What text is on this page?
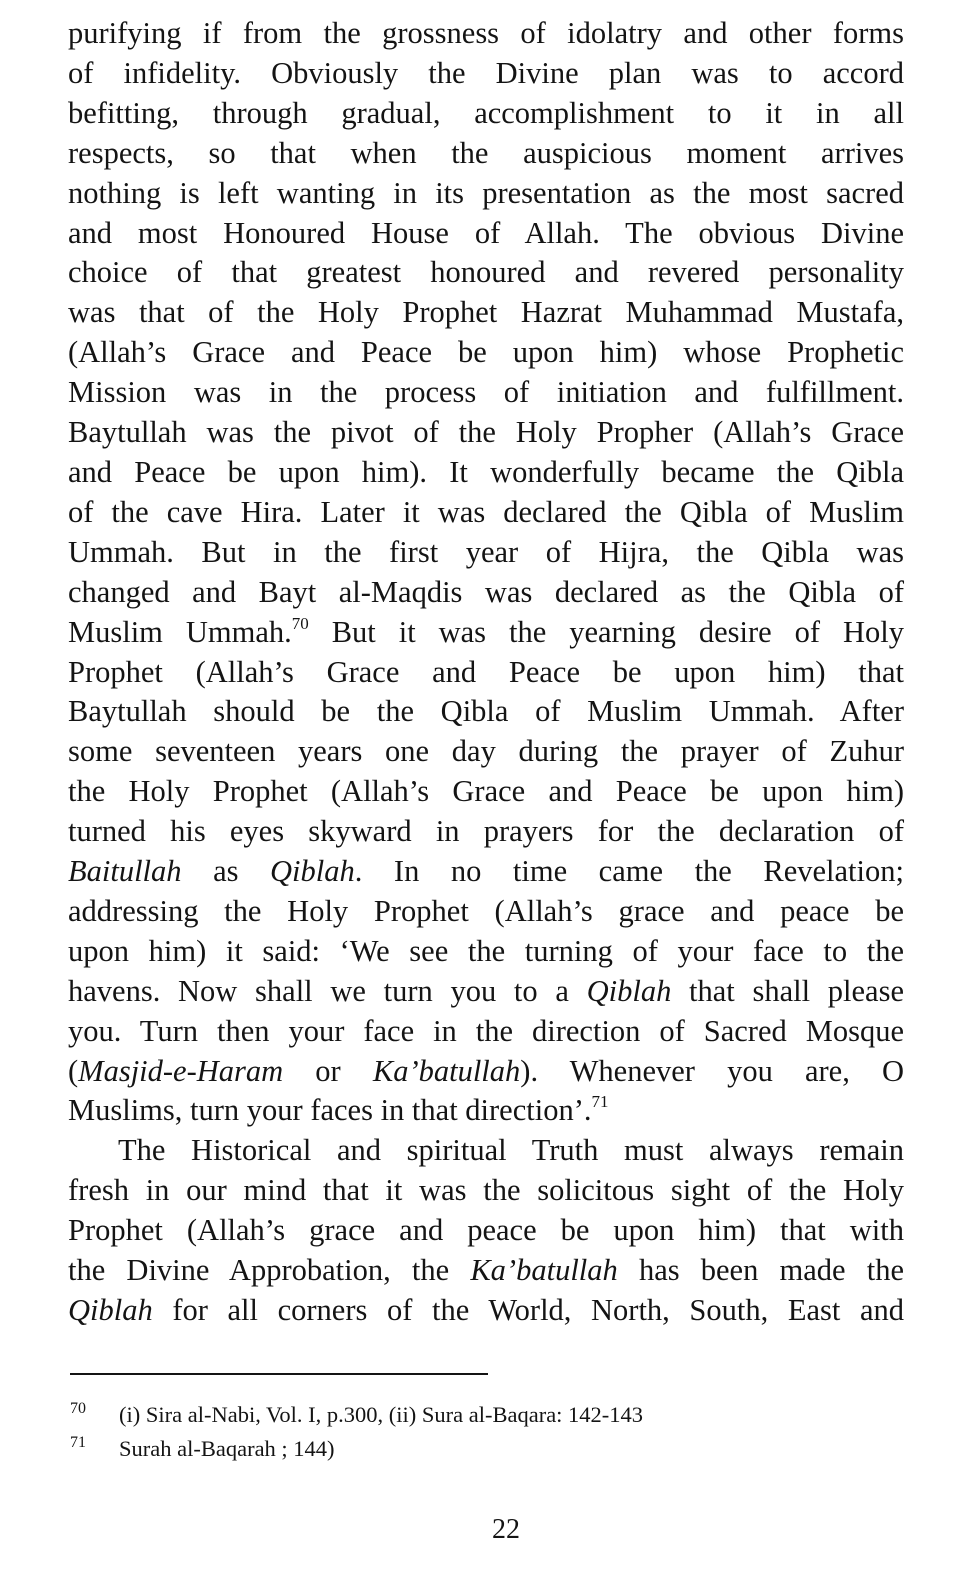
purifying if from the grossness of idolatry and other forms
of infidelity. Obviously the Divine plan was to accord
befitting, through gradual, accomplishment to it in all
respects, so that when the auspicious moment arrives
nothing is left wanting in its presentation as the most sacred
and most Honoured House of Allah. The obvious Divine
choice of that greatest honoured and revered personality
was that of the Holy Prophet Hazrat Muhammad Mustafa,
(Allah’s Grace and Peace be upon him) whose Prophetic
Mission was in the process of initiation and fulfillment.
Baytullah was the pivot of the Holy Propher (Allah’s Grace
and Peace be upon him). It wonderfully became the Qibla
of the cave Hira. Later it was declared the Qibla of Muslim
Ummah. But in the first year of Hijra, the Qibla was
changed and Bayt al-Maqdis was declared as the Qibla of
Muslim Ummah.$^{70}$ But it was the yearning desire of Holy
Prophet (Allah’s Grace and Peace be upon him) that
Baytullah should be the Qibla of Muslim Ummah. After
some seventeen years one day during the prayer of Zuhur
the Holy Prophet (Allah’s Grace and Peace be upon him)
turned his eyes skyward in prayers for the declaration of
Baitullah as Qiblah. In no time came the Revelation;
addressing the Holy Prophet (Allah’s grace and peace be
upon him) it said: ‘We see the turning of your face to the
havens. Now shall we turn you to a Qiblah that shall please
you. Turn then your face in the direction of Sacred Mosque
(Masjid-e-Haram or Ka’batullah). Whenever you are, O
Muslims, turn your faces in that direction’.$^{71}$
The Historical and spiritual Truth must always remain
fresh in our mind that it was the solicitous sight of the Holy
Prophet (Allah’s grace and peace be upon him) that with
the Divine Approbation, the Ka’batullah has been made the
Qiblah for all corners of the World, North, South, East and
70	(i) Sira al-Nabi, Vol. I, p.300, (ii) Sura al-Baqara: 142-143
71	Surah al-Baqarah ; 144)
22
